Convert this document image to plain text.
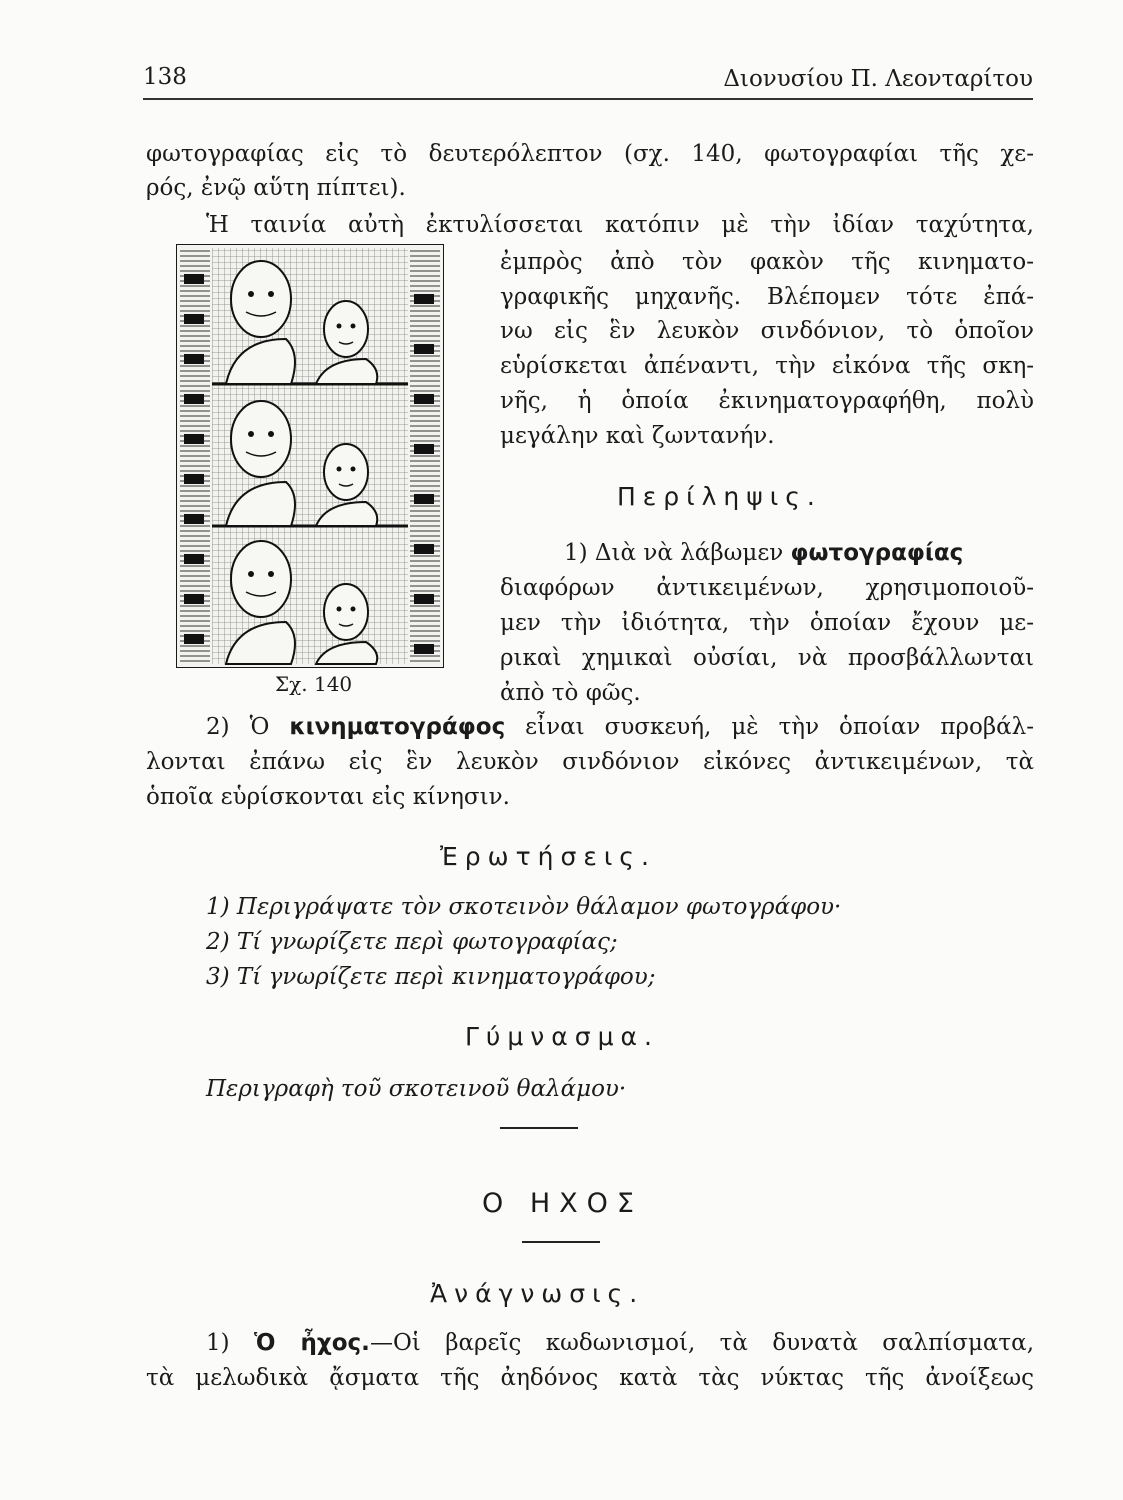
138	Διονυσίου Π. Λεονταρίτου
φωτογραφίας εἰς τὸ δευτερόλεπτον (σχ. 140, φωτογραφίαι τῆς χε-
ρός, ἐνῷ αὕτη πίπτει).
Ἡ ταινία αὐτὴ ἐκτυλίσσεται κατόπιν μὲ τὴν ἰδίαν ταχύτητα,
ἐμπρὸς ἀπὸ τὸν φακὸν τῆς κινηματο-
γραφικῆς μηχανῆς. Βλέπομεν τότε ἐπά-
νω εἰς ἓν λευκὸν σινδόνιον, τὸ ὁποῖον
εὑρίσκεται ἀπέναντι, τὴν εἰκόνα τῆς σκη-
νῆς, ἡ ὁποία ἐκινηματογραφήθη, πολὺ
μεγάλην καὶ ζωντανήν.
Σχ. 140
Περίληψις.
1) Διὰ νὰ λάβωμεν φωτογραφίας
διαφόρων ἀντικειμένων, χρησιμοποιοῦ-
μεν τὴν ἰδιότητα, τὴν ὁποίαν ἔχουν με-
ρικαὶ χημικαὶ οὐσίαι, νὰ προσβάλλωνται
ἀπὸ τὸ φῶς.
2) Ὁ κινηματογράφος εἶναι συσκευή, μὲ τὴν ὁποίαν προβάλ-
λονται ἐπάνω εἰς ἓν λευκὸν σινδόνιον εἰκόνες ἀντικειμένων, τὰ
ὁποῖα εὑρίσκονται εἰς κίνησιν.
Ἐρωτήσεις.
1) Περιγράψατε τὸν σκοτεινὸν θάλαμον φωτογράφου·
2) Τί γνωρίζετε περὶ φωτογραφίας;
3) Τί γνωρίζετε περὶ κινηματογράφου;
Γύμνασμα.
Περιγραφὴ τοῦ σκοτεινοῦ θαλάμου·
Ο ΗΧΟΣ
Ἀνάγνωσις.
1) Ὁ ἦχος.—Οἱ βαρεῖς κωδωνισμοί, τὰ δυνατὰ σαλπίσματα,
τὰ μελωδικὰ ᾄσματα τῆς ἀηδόνος κατὰ τὰς νύκτας τῆς ἀνοίξεως
